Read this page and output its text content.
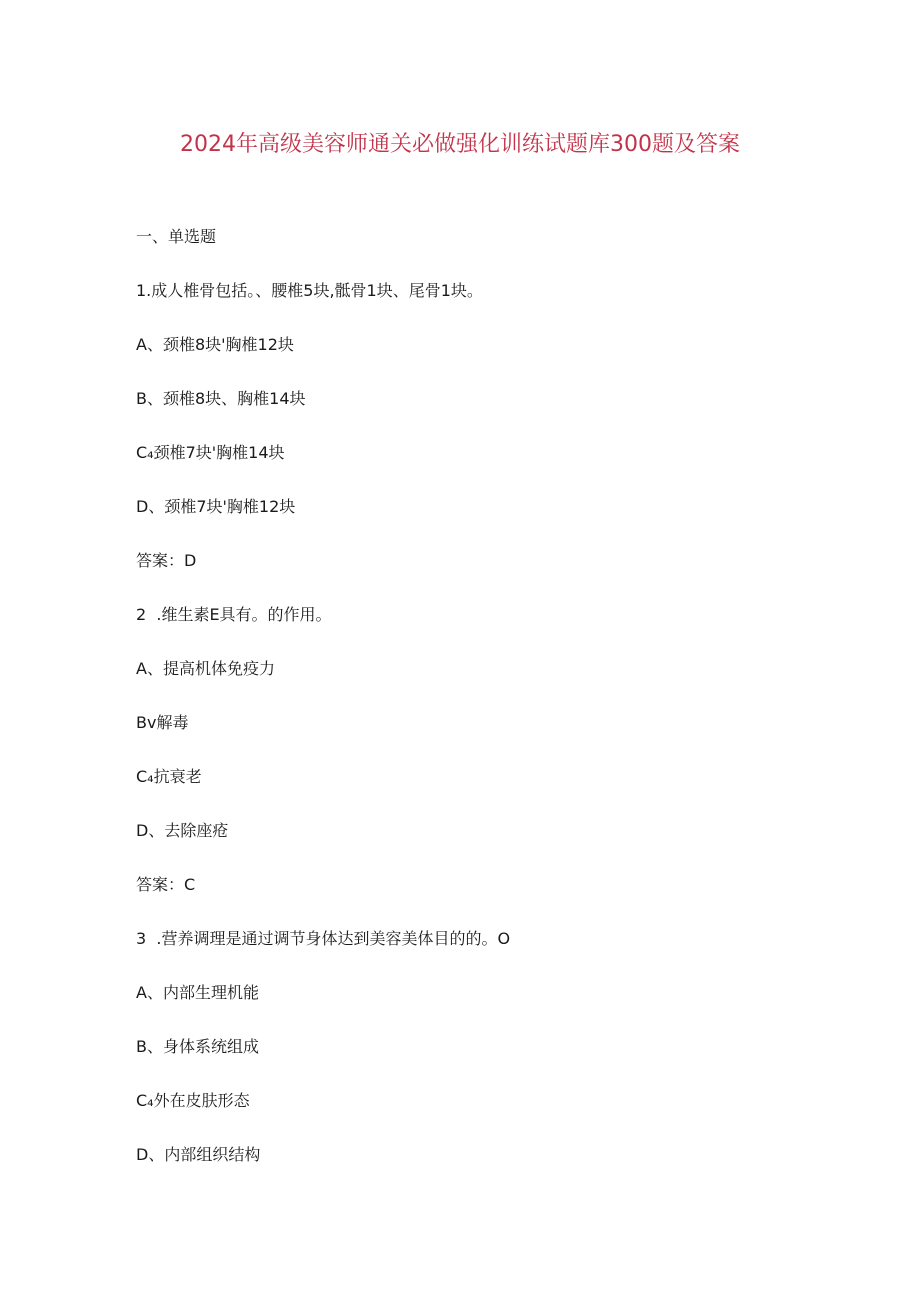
2024年高级美容师通关必做强化训练试题库300题及答案
一、单选题
1.成人椎骨包括。、腰椎5块,骶骨1块、尾骨1块。
A、颈椎8块'胸椎12块
B、颈椎8块、胸椎14块
C₄颈椎7块'胸椎14块
D、颈椎7块'胸椎12块
答案：D
2  .维生素E具有。的作用。
A、提高机体免疫力
Bv解毒
C₄抗衰老
D、去除座疮
答案：C
3  .营养调理是通过调节身体达到美容美体目的的。O
A、内部生理机能
B、身体系统组成
C₄外在皮肤形态
D、内部组织结构
